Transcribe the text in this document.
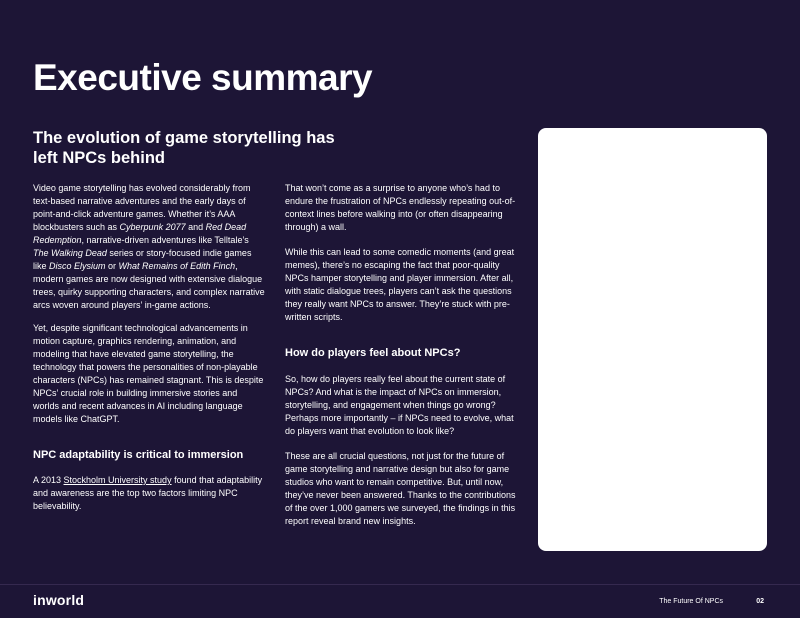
Executive summary
The evolution of game storytelling has left NPCs behind

Video game storytelling has evolved considerably from text-based narrative adventures and the early days of point-and-click adventure games. Whether it’s AAA blockbusters such as Cyberpunk 2077 and Red Dead Redemption, narrative-driven adventures like Telltale’s The Walking Dead series or story-focused indie games like Disco Elysium or What Remains of Edith Finch, modern games are now designed with extensive dialogue trees, quirky supporting characters, and complex narrative arcs woven around players’ in-game actions.

Yet, despite significant technological advancements in motion capture, graphics rendering, animation, and modeling that have elevated game storytelling, the technology that powers the personalities of non-playable characters (NPCs) has remained stagnant. This is despite NPCs’ crucial role in building immersive stories and worlds and recent advances in AI including language models like ChatGPT.

NPC adaptability is critical to immersion

A 2013 Stockholm University study found that adaptability and awareness are the top two factors limiting NPC believability.

That won’t come as a surprise to anyone who’s had to endure the frustration of NPCs endlessly repeating out-of-context lines before walking into (or often disappearing through) a wall.

While this can lead to some comedic moments (and great memes), there’s no escaping the fact that poor-quality NPCs hamper storytelling and player immersion. After all, with static dialogue trees, players can’t ask the questions they really want NPCs to answer. They’re stuck with pre-written scripts.

How do players feel about NPCs?

So, how do players really feel about the current state of NPCs? And what is the impact of NPCs on immersion, storytelling, and engagement when things go wrong? Perhaps more importantly – if NPCs need to evolve, what do players want that evolution to look like?

These are all crucial questions, not just for the future of game storytelling and narrative design but also for game studios who want to remain competitive. But, until now, they’ve never been answered. Thanks to the contributions of the over 1,000 gamers we surveyed, the findings in this report reveal brand new insights.

inworld	The Future Of NPCs	02
